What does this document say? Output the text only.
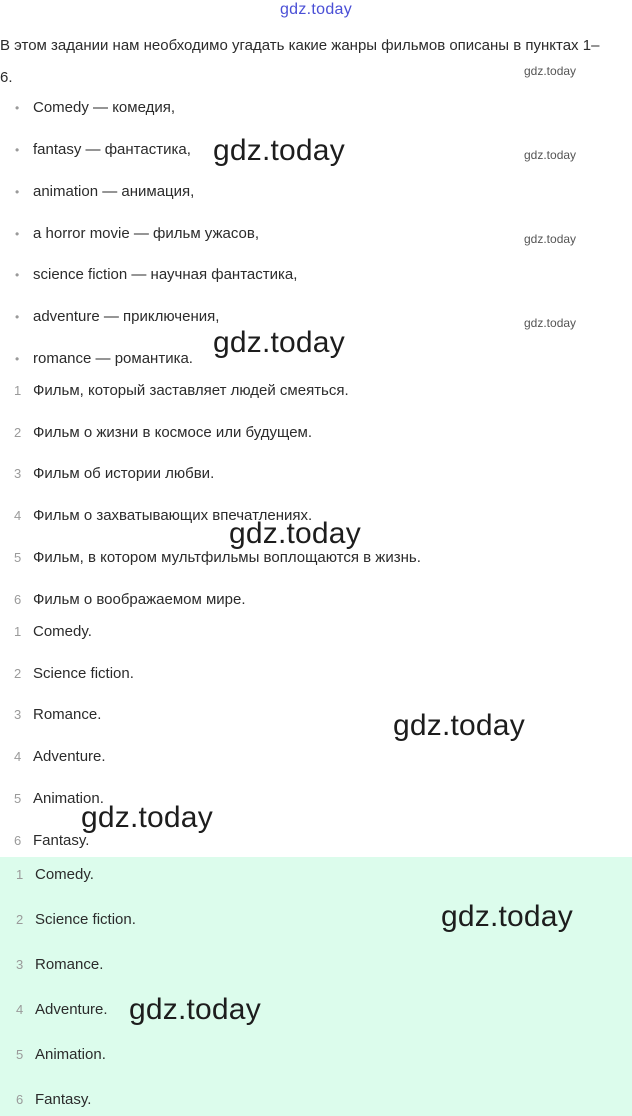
gdz.today
В этом задании нам необходимо угадать какие жанры фильмов описаны в пунктах 1–6.
• Comedy — комедия,
• fantasy — фантастика,
• animation — анимация,
• a horror movie — фильм ужасов,
• science fiction — научная фантастика,
• adventure — приключения,
• romance — романтика.
1 Фильм, который заставляет людей смеяться.
2 Фильм о жизни в космосе или будущем.
3 Фильм об истории любви.
4 Фильм о захватывающих впечатлениях.
5 Фильм, в котором мультфильмы воплощаются в жизнь.
6 Фильм о воображаемом мире.
1 Comedy.
2 Science fiction.
3 Romance.
4 Adventure.
5 Animation.
6 Fantasy.
1 Comedy.
2 Science fiction.
3 Romance.
4 Adventure.
5 Animation.
6 Fantasy.
gdz.today
gdz.today
gdz.today
gdz.today
gdz.today
gdz.today
gdz.today
gdz.today
gdz.today
gdz.today
gdz.today
